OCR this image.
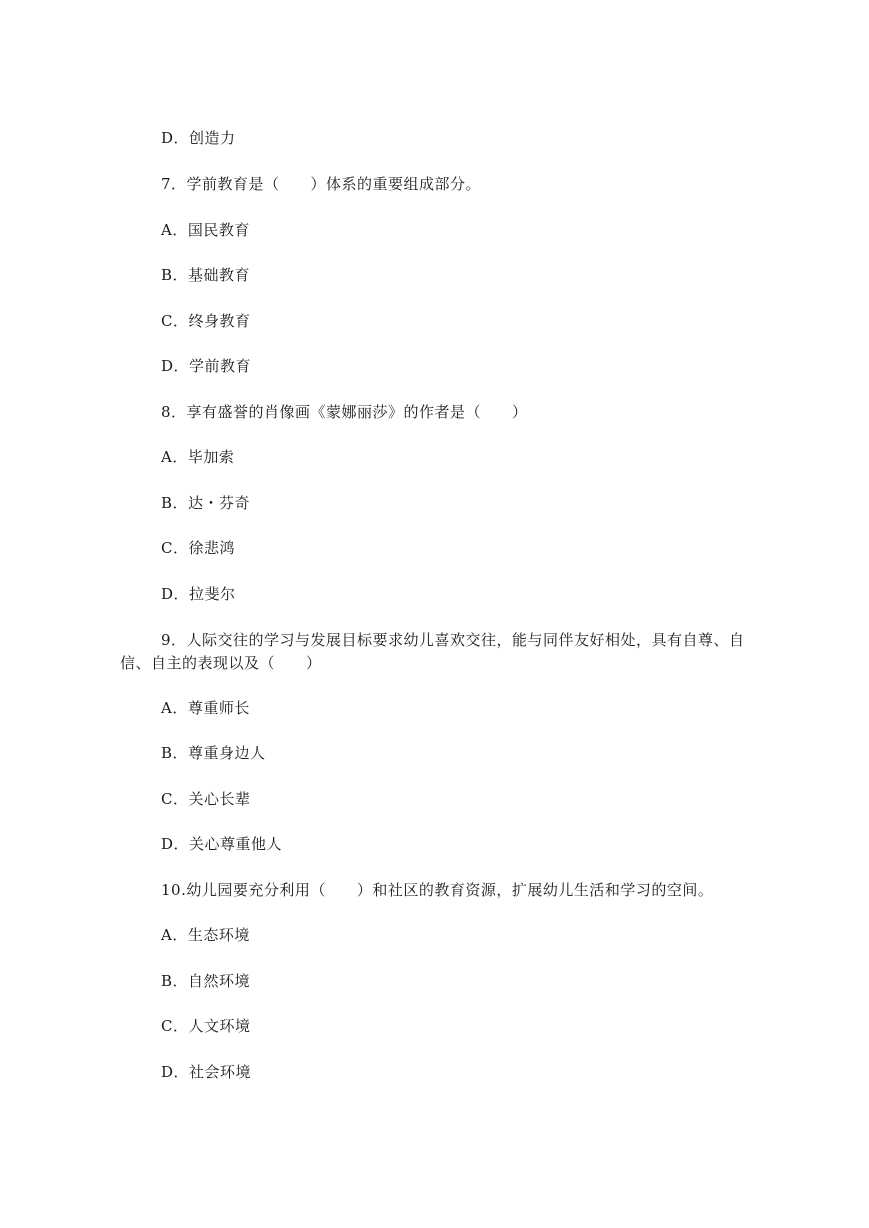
D．创造力
7．学前教育是（　　）体系的重要组成部分。
A．国民教育
B．基础教育
C．终身教育
D．学前教育
8．享有盛誉的肖像画《蒙娜丽莎》的作者是（　　）
A．毕加索
B．达・芬奇
C．徐悲鸿
D．拉斐尔
9．人际交往的学习与发展目标要求幼儿喜欢交往，能与同伴友好相处，具有自尊、自
信、自主的表现以及（　　）
A．尊重师长
B．尊重身边人
C．关心长辈
D．关心尊重他人
10.幼儿园要充分利用（　　）和社区的教育资源，扩展幼儿生活和学习的空间。
A．生态环境
B．自然环境
C．人文环境
D．社会环境
